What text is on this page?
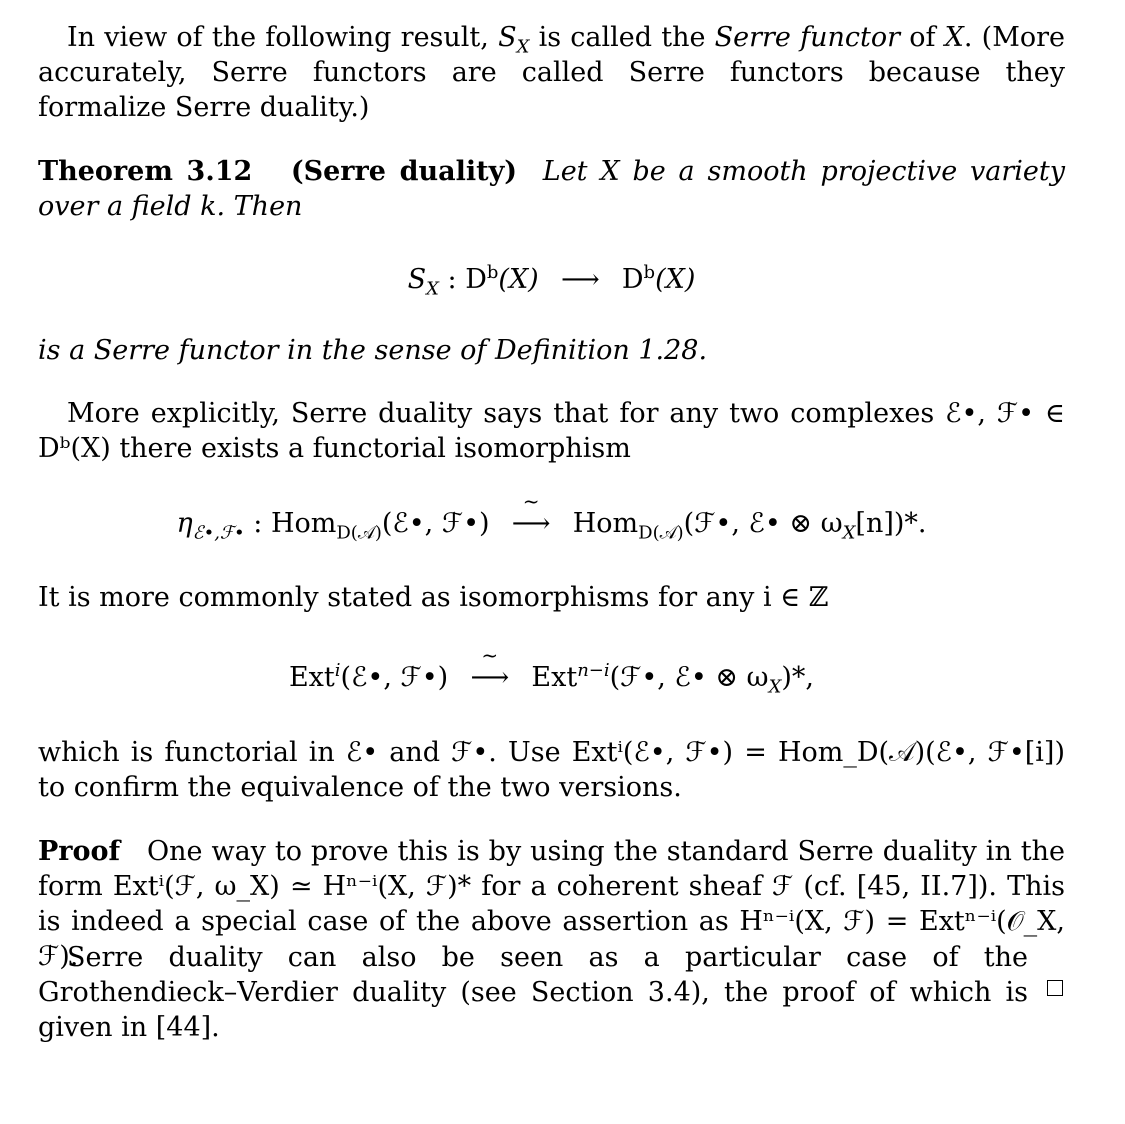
In view of the following result, $S_X$ is called the Serre functor of X. (More accurately, Serre functors are called Serre functors because they formalize Serre duality.)

Theorem 3.12 (Serre duality) Let X be a smooth projective variety over a field k. Then

$S_X$ : $D^b(X)$ ⟶ $D^b(X)$

is a Serre functor in the sense of Definition 1.28.

More explicitly, Serre duality says that for any two complexes ℰ•, ℱ• ∈ Dᵇ(X) there exists a functorial isomorphism

$\eta_{ℰ•,ℱ•}$ : Hom$_{D(𝒜)}$(ℰ•, ℱ•)
~
⟶ Hom$_{D(𝒜)}$(ℱ•, ℰ• ⊗ $\omega_X[n])*$.

It is more commonly stated as isomorphisms for any i ∈ ℤ

Ext$^i$(ℰ•, ℱ•)
~
⟶ Ext$^{n-i}$(ℱ•, ℰ• ⊗ $\omega_X)*$,

which is functorial in ℰ• and ℱ•. Use Extⁱ(ℰ•, ℱ•) = Hom_D(𝒜)(ℰ•, ℱ•[i]) to confirm the equivalence of the two versions.

Proof One way to prove this is by using the standard Serre duality in the form Extⁱ(ℱ, ω_X) ≃ Hⁿ⁻ⁱ(X, ℱ)* for a coherent sheaf ℱ (cf. [45, II.7]). This is indeed a special case of the above assertion as Hⁿ⁻ⁱ(X, ℱ) = Extⁿ⁻ⁱ(𝒪_X, ℱ).

Serre duality can also be seen as a particular case of the Grothendieck–Verdier duality (see Section 3.4), the proof of which is given in [44].
